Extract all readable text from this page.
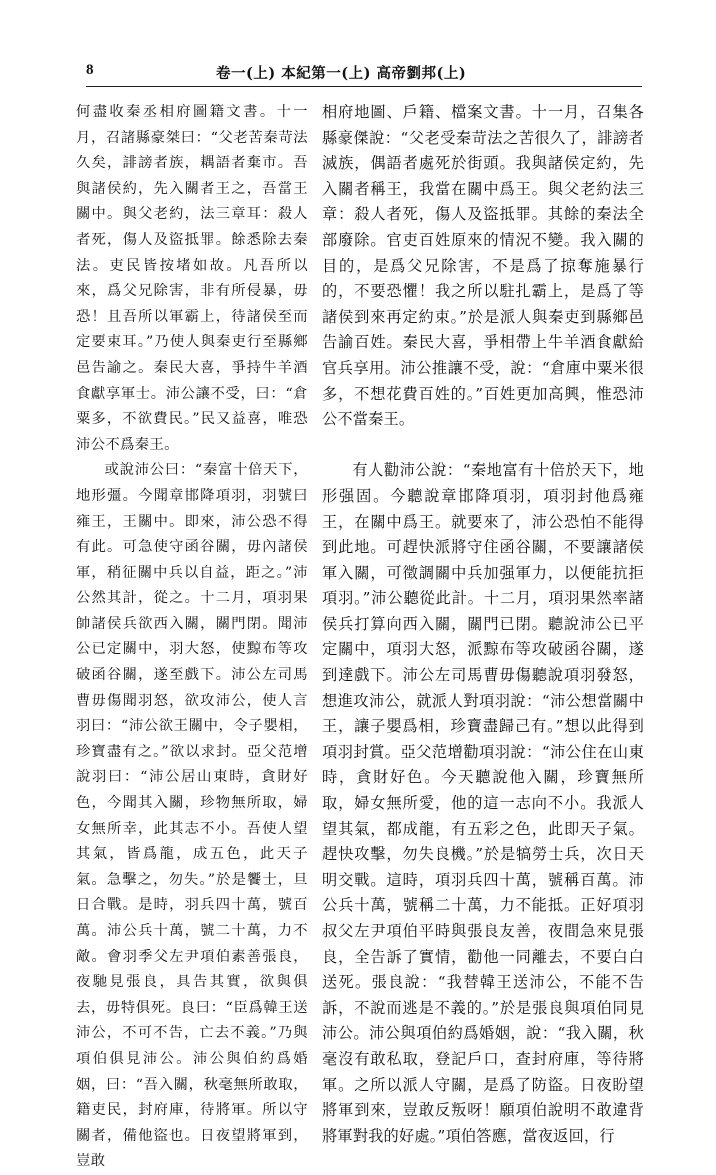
8	卷一(上) 本紀第一(上) 高帝劉邦(上)

何盡收秦丞相府圖籍文書。十一月，召諸縣豪桀曰：“父老苦秦苛法久矣，誹謗者族，耦語者棄市。吾與諸侯約，先入關者王之，吾當王關中。與父老約，法三章耳：殺人者死，傷人及盜抵罪。餘悉除去秦法。吏民皆按堵如故。凡吾所以來，爲父兄除害，非有所侵暴，毋恐！且吾所以軍霸上，待諸侯至而定要束耳。”乃使人與秦吏行至縣鄉邑告諭之。秦民大喜，爭持牛羊酒食獻享軍士。沛公讓不受，曰：“倉粟多，不欲費民。”民又益喜，唯恐沛公不爲秦王。

或說沛公曰：“秦富十倍天下，地形彊。今聞章邯降項羽，羽號曰雍王，王關中。即來，沛公恐不得有此。可急使守函谷關，毋內諸侯軍，稍征關中兵以自益，距之。”沛公然其計，從之。十二月，項羽果帥諸侯兵欲西入關，關門閉。聞沛公已定關中，羽大怒，使黥布等攻破函谷關，遂至戲下。沛公左司馬曹毋傷聞羽怒，欲攻沛公，使人言羽曰：“沛公欲王關中，令子嬰相，珍寶盡有之。”欲以求封。亞父范增說羽曰：“沛公居山東時，貪財好色，今聞其入關，珍物無所取，婦女無所幸，此其志不小。吾使人望其氣，皆爲龍，成五色，此天子氣。急擊之，勿失。”於是饗士，旦日合戰。是時，羽兵四十萬，號百萬。沛公兵十萬，號二十萬，力不敵。會羽季父左尹項伯素善張良，夜馳見張良，具告其實，欲與俱去，毋特俱死。良曰：“臣爲韓王送沛公，不可不告，亡去不義。”乃與項伯俱見沛公。沛公與伯約爲婚姻，曰：“吾入關，秋毫無所敢取，籍吏民，封府庫，待將軍。所以守關者，備他盜也。日夜望將軍到，豈敢

相府地圖、戶籍、檔案文書。十一月，召集各縣豪傑說：“父老受秦苛法之苦很久了，誹謗者滅族，偶語者處死於街頭。我與諸侯定約，先入關者稱王，我當在關中爲王。與父老約法三章：殺人者死，傷人及盜抵罪。其餘的秦法全部廢除。官吏百姓原來的情況不變。我入關的目的，是爲父兄除害，不是爲了掠奪施暴行的，不要恐懼！我之所以駐扎霸上，是爲了等諸侯到來再定約束。”於是派人與秦吏到縣鄉邑告諭百姓。秦民大喜，爭相帶上牛羊酒食獻給官兵享用。沛公推讓不受，說：“倉庫中粟米很多，不想花費百姓的。”百姓更加高興，惟恐沛公不當秦王。

有人勸沛公說：“秦地富有十倍於天下，地形强固。今聽說章邯降項羽，項羽封他爲雍王，在關中爲王。就要來了，沛公恐怕不能得到此地。可趕快派將守住函谷關，不要讓諸侯軍入關，可徵調關中兵加强軍力，以便能抗拒項羽。”沛公聽從此計。十二月，項羽果然率諸侯兵打算向西入關，關門已閉。聽說沛公已平定關中，項羽大怒，派黥布等攻破函谷關，遂到達戲下。沛公左司馬曹毋傷聽說項羽發怒，想進攻沛公，就派人對項羽說：“沛公想當關中王，讓子嬰爲相，珍寶盡歸己有。”想以此得到項羽封賞。亞父范增勸項羽說：“沛公住在山東時，貪財好色。今天聽說他入關，珍寶無所取，婦女無所愛，他的這一志向不小。我派人望其氣，都成龍，有五彩之色，此即天子氣。趕快攻擊，勿失良機。”於是犒勞士兵，次日天明交戰。這時，項羽兵四十萬，號稱百萬。沛公兵十萬，號稱二十萬，力不能抵。正好項羽叔父左尹項伯平時與張良友善，夜間急來見張良，全告訴了實情，勸他一同離去，不要白白送死。張良說：“我替韓王送沛公，不能不告訴，不說而逃是不義的。”於是張良與項伯同見沛公。沛公與項伯約爲婚姻，說：“我入關，秋毫沒有敢私取，登記戶口，查封府庫，等待將軍。之所以派人守關，是爲了防盜。日夜盼望將軍到來，豈敢反叛呀！願項伯說明不敢違背將軍對我的好處。”項伯答應，當夜返回，行
